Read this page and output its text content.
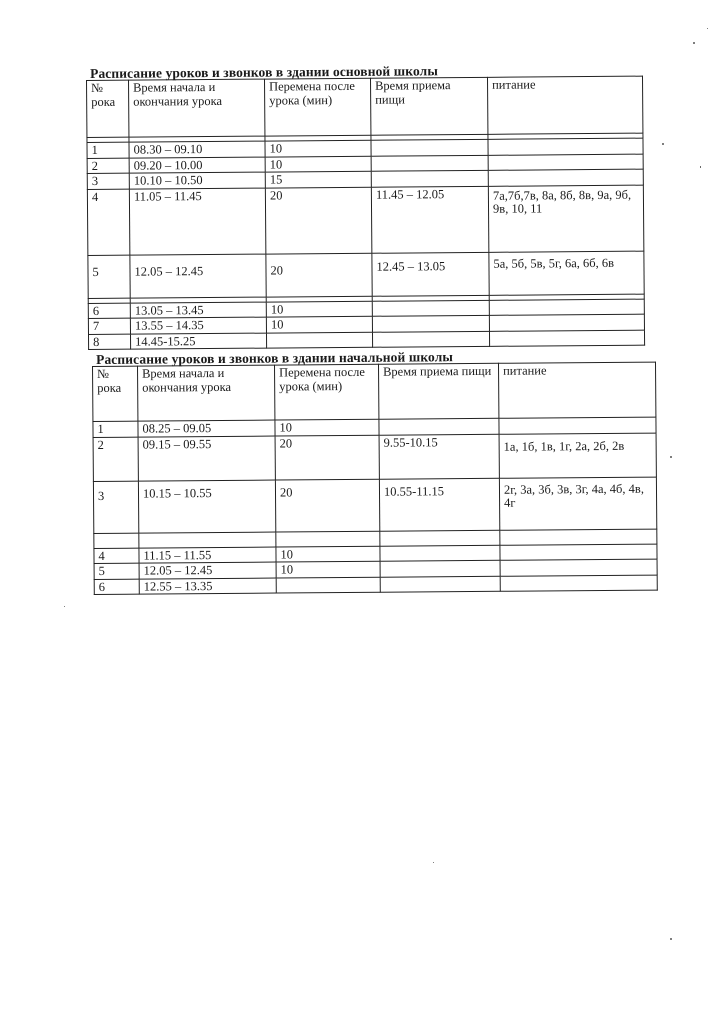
Расписание уроков и звонков в здании основной школы
№ рока	Время начала и окончания урока	Перемена после урока (мин)	Время приема пищи	питание

1	08.30 – 09.10	10		
2	09.20 – 10.00	10		
3	10.10 – 10.50	15		
4	11.05 – 11.45	20	11.45 – 12.05	7а,7б,7в, 8а, 8б, 8в, 9а, 9б, 9в, 10, 11
5	12.05 – 12.45	20	12.45 – 13.05	5а, 5б, 5в, 5г, 6а, 6б, 6в

6	13.05 – 13.45	10		
7	13.55 – 14.35	10		
8	14.45-15.25			
Расписание уроков и звонков в здании начальной школы
№ рока	Время начала и окончания урока	Перемена после урока (мин)	Время приема пищи	питание
1	08.25 – 09.05	10		
2	09.15 – 09.55	20	9.55-10.15	1а, 1б, 1в, 1г, 2а, 2б, 2в
3	10.15 – 10.55	20	10.55-11.15	2г, 3а, 3б, 3в, 3г, 4а, 4б, 4в, 4г

4	11.15 – 11.55	10		
5	12.05 – 12.45	10		
6	12.55 – 13.35			
